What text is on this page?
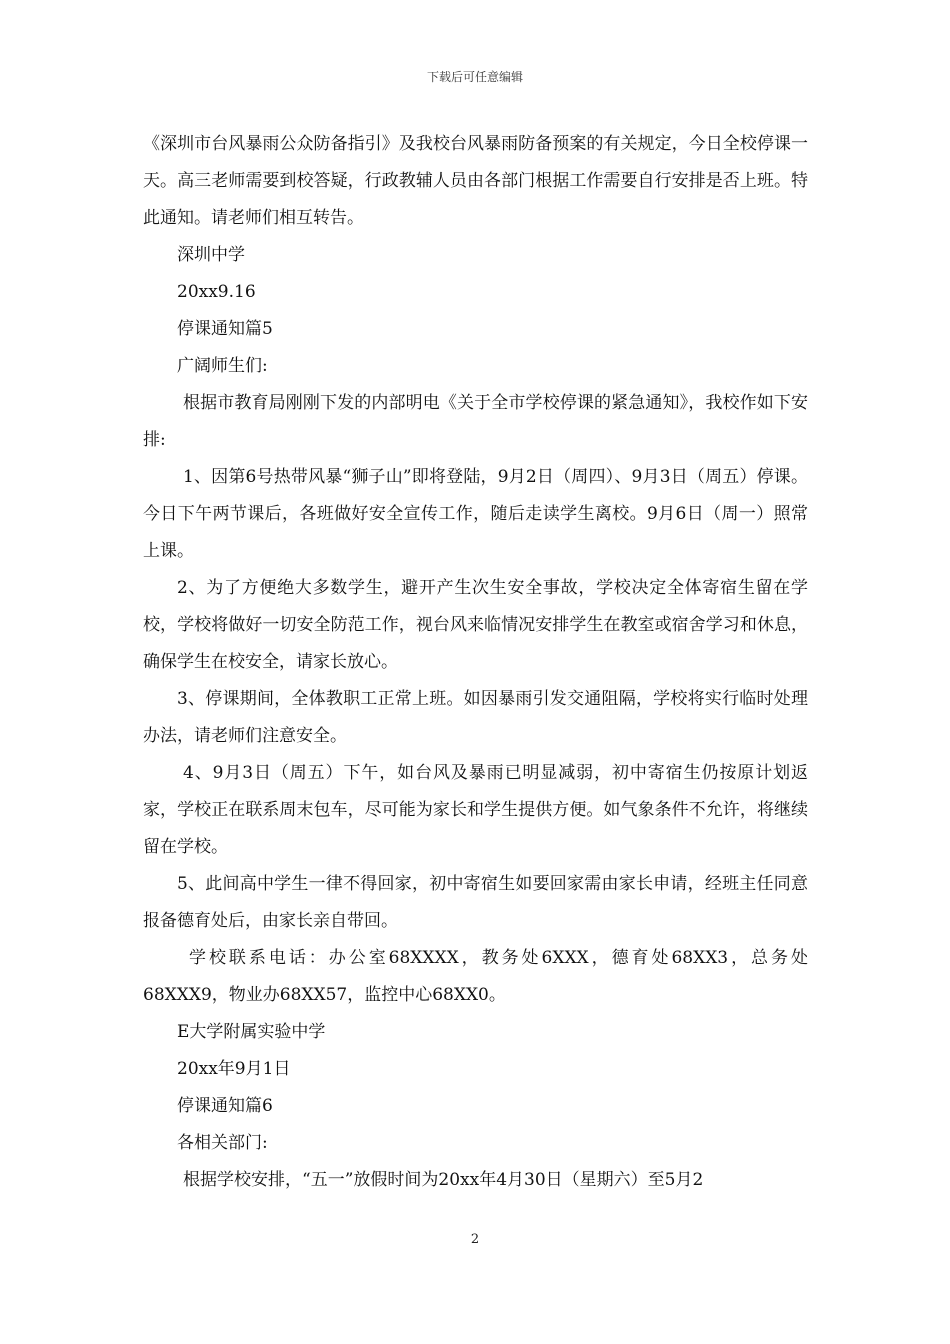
下载后可任意编辑

《深圳市台风暴雨公众防备指引》及我校台风暴雨防备预案的有关规定，今日全校停课一天。高三老师需要到校答疑，行政教辅人员由各部门根据工作需要自行安排是否上班。特此通知。请老师们相互转告。

深圳中学

20xx9.16

停课通知篇5

广阔师生们:

根据市教育局刚刚下发的内部明电《关于全市学校停课的紧急通知》，我校作如下安排:

1、因第6号热带风暴“狮子山”即将登陆，9月2日（周四）、9月3日（周五）停课。今日下午两节课后，各班做好安全宣传工作，随后走读学生离校。9月6日（周一）照常上课。

2、为了方便绝大多数学生，避开产生次生安全事故，学校决定全体寄宿生留在学校，学校将做好一切安全防范工作，视台风来临情况安排学生在教室或宿舍学习和休息，确保学生在校安全，请家长放心。

3、停课期间，全体教职工正常上班。如因暴雨引发交通阻隔，学校将实行临时处理办法，请老师们注意安全。

4、9月3日（周五）下午，如台风及暴雨已明显减弱，初中寄宿生仍按原计划返家，学校正在联系周末包车，尽可能为家长和学生提供方便。如气象条件不允许，将继续留在学校。

5、此间高中学生一律不得回家，初中寄宿生如要回家需由家长申请，经班主任同意报备德育处后，由家长亲自带回。

学校联系电话：办公室68XXXX，教务处6XXX，德育处68XX3，总务处68XXX9，物业办68XX57，监控中心68XX0。

E大学附属实验中学

20xx年9月1日

停课通知篇6

各相关部门:

根据学校安排，“五一”放假时间为20xx年4月30日（星期六）至5月2

2
